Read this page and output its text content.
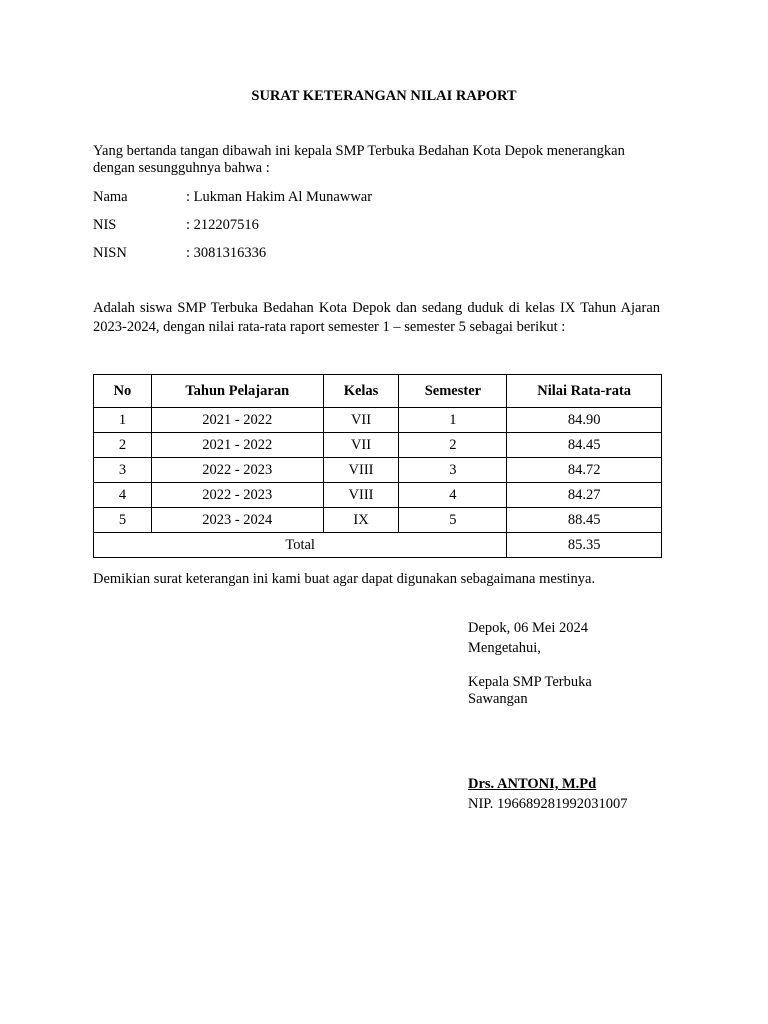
SURAT KETERANGAN NILAI RAPORT
Yang bertanda tangan dibawah ini kepala SMP Terbuka Bedahan Kota Depok menerangkan
dengan sesungguhnya bahwa :
Nama	: Lukman Hakim Al Munawwar
NIS	: 212207516
NISN	: 3081316336
Adalah siswa SMP Terbuka Bedahan Kota Depok dan sedang duduk di kelas IX Tahun Ajaran 2023-2024, dengan nilai rata-rata raport semester 1 – semester 5 sebagai berikut :
No	Tahun Pelajaran	Kelas	Semester	Nilai Rata-rata
1	2021 - 2022	VII	1	84.90
2	2021 - 2022	VII	2	84.45
3	2022 - 2023	VIII	3	84.72
4	2022 - 2023	VIII	4	84.27
5	2023 - 2024	IX	5	88.45
Total				85.35
Demikian surat keterangan ini kami buat agar dapat digunakan sebagaimana mestinya.
Depok, 06 Mei 2024
Mengetahui,
Kepala SMP Terbuka
Sawangan
Drs. ANTONI, M.Pd
NIP. 196689281992031007
